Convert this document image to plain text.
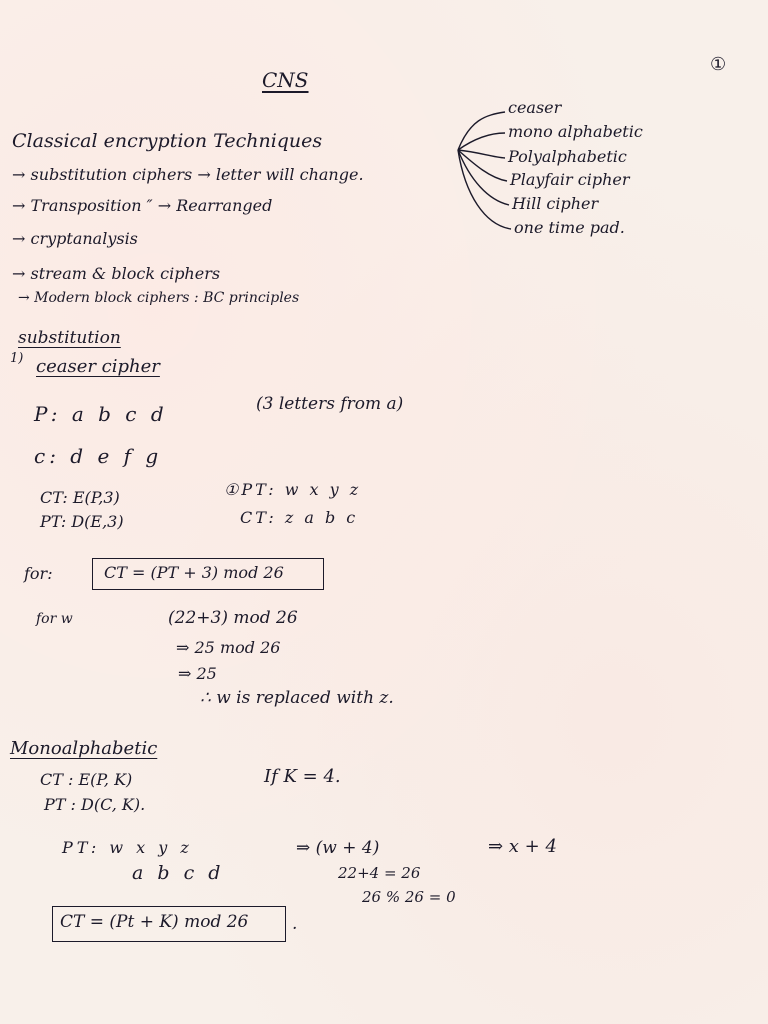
①
CNS
Classical encryption Techniques
→ substitution ciphers → letter will change.
→ Transposition ″ → Rearranged
→ cryptanalysis
→ stream & block ciphers
→ Modern block ciphers : BC principles
ceaser
mono alphabetic
Polyalphabetic
Playfair cipher
Hill cipher
one time pad.
substitution
1) ceaser cipher
P: a b c d	(3 letters from a)
c: d e f g
CT: E(P,3)
PT: D(E,3)
①PT: w x y z
CT: z a b c
for:	CT = (PT + 3) mod 26
for w	(22+3) mod 26
⇒ 25 mod 26
⇒ 25
∴ w is replaced with z.
Monoalphabetic
CT : E(P, K)
PT : D(C, K).
If K = 4.
PT: w x y z
a b c d
⇒ (w + 4)
22+4 = 26
26 % 26 = 0
⇒ x + 4
CT = (Pt + K) mod 26	.
